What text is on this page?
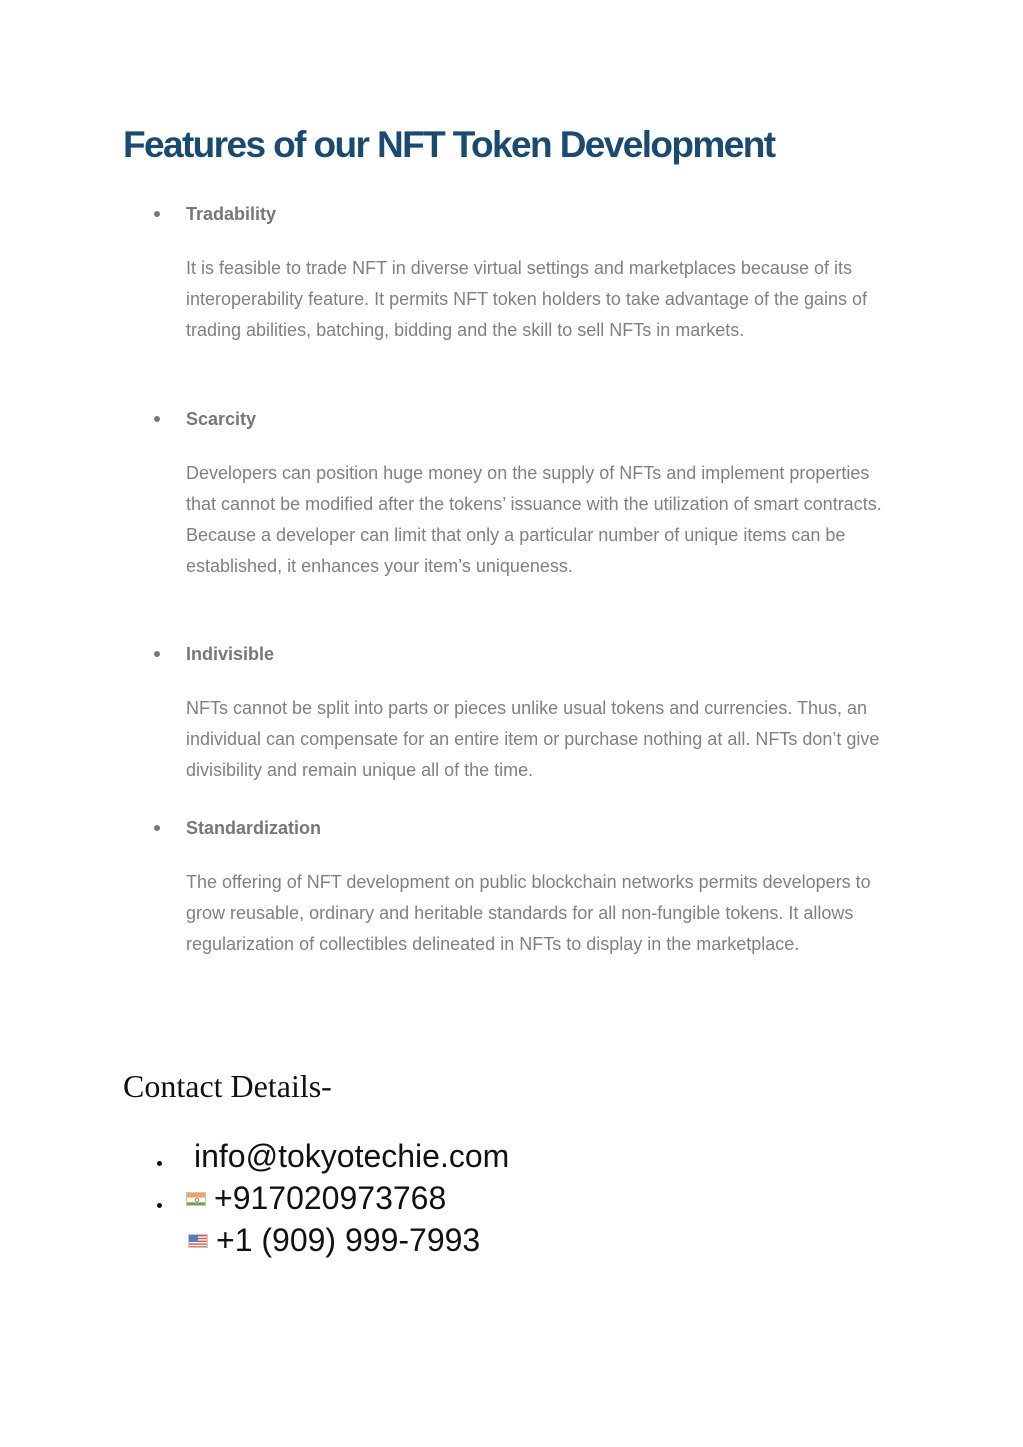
Features of our NFT Token Development
Tradability

It is feasible to trade NFT in diverse virtual settings and marketplaces because of its interoperability feature. It permits NFT token holders to take advantage of the gains of trading abilities, batching, bidding and the skill to sell NFTs in markets.

Scarcity

Developers can position huge money on the supply of NFTs and implement properties that cannot be modified after the tokens’ issuance with the utilization of smart contracts. Because a developer can limit that only a particular number of unique items can be established, it enhances your item’s uniqueness.

Indivisible

NFTs cannot be split into parts or pieces unlike usual tokens and currencies. Thus, an individual can compensate for an entire item or purchase nothing at all. NFTs don’t give divisibility and remain unique all of the time.

Standardization

The offering of NFT development on public blockchain networks permits developers to grow reusable, ordinary and heritable standards for all non-fungible tokens. It allows regularization of collectibles delineated in NFTs to display in the marketplace.

Contact Details-
info@tokyotechie.com
+917020973768
+1 (909) 999-7993
